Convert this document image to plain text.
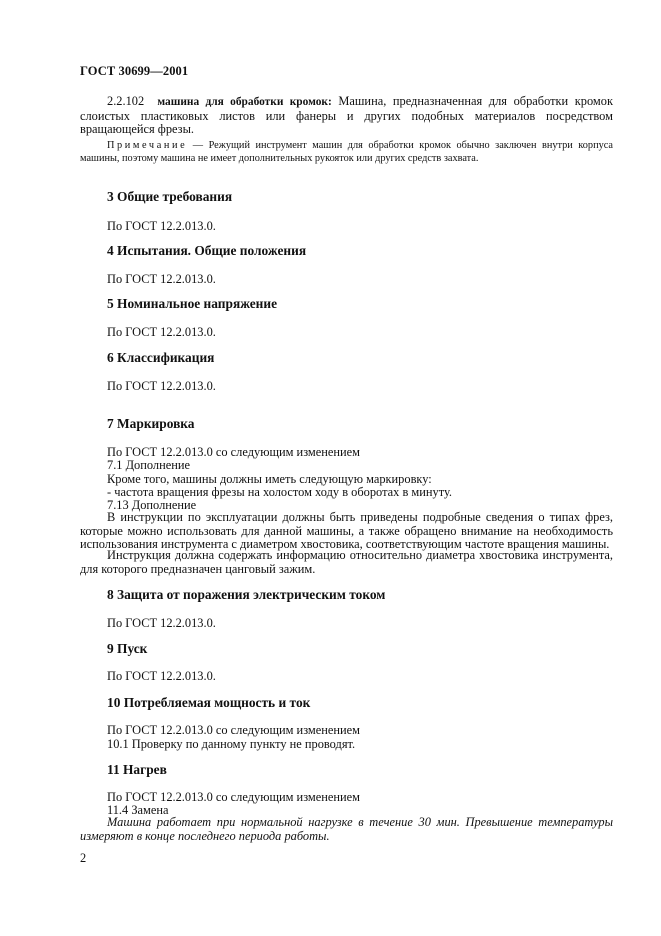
ГОСТ 30699—2001
2.2.102 машина для обработки кромок: Машина, предназначенная для обработки кромок слоистых пластиковых листов или фанеры и других подобных материалов посредством вращающейся фрезы.
Примечание — Режущий инструмент машин для обработки кромок обычно заключен внутри корпуса машины, поэтому машина не имеет дополнительных рукояток или других средств захвата.
3 Общие требования
По ГОСТ 12.2.013.0.
4 Испытания. Общие положения
По ГОСТ 12.2.013.0.
5 Номинальное напряжение
По ГОСТ 12.2.013.0.
6 Классификация
По ГОСТ 12.2.013.0.
7 Маркировка
По ГОСТ 12.2.013.0 со следующим изменением
7.1 Дополнение
Кроме того, машины должны иметь следующую маркировку:
- частота вращения фрезы на холостом ходу в оборотах в минуту.
7.13 Дополнение
В инструкции по эксплуатации должны быть приведены подробные сведения о типах фрез, которые можно использовать для данной машины, а также обращено внимание на необходимость использования инструмента с диаметром хвостовика, соответствующим частоте вращения машины.
Инструкция должна содержать информацию относительно диаметра хвостовика инструмента, для которого предназначен цанговый зажим.
8 Защита от поражения электрическим током
По ГОСТ 12.2.013.0.
9 Пуск
По ГОСТ 12.2.013.0.
10 Потребляемая мощность и ток
По ГОСТ 12.2.013.0 со следующим изменением
10.1 Проверку по данному пункту не проводят.
11 Нагрев
По ГОСТ 12.2.013.0 со следующим изменением
11.4 Замена
Машина работает при нормальной нагрузке в течение 30 мин. Превышение температуры измеряют в конце последнего периода работы.
2
